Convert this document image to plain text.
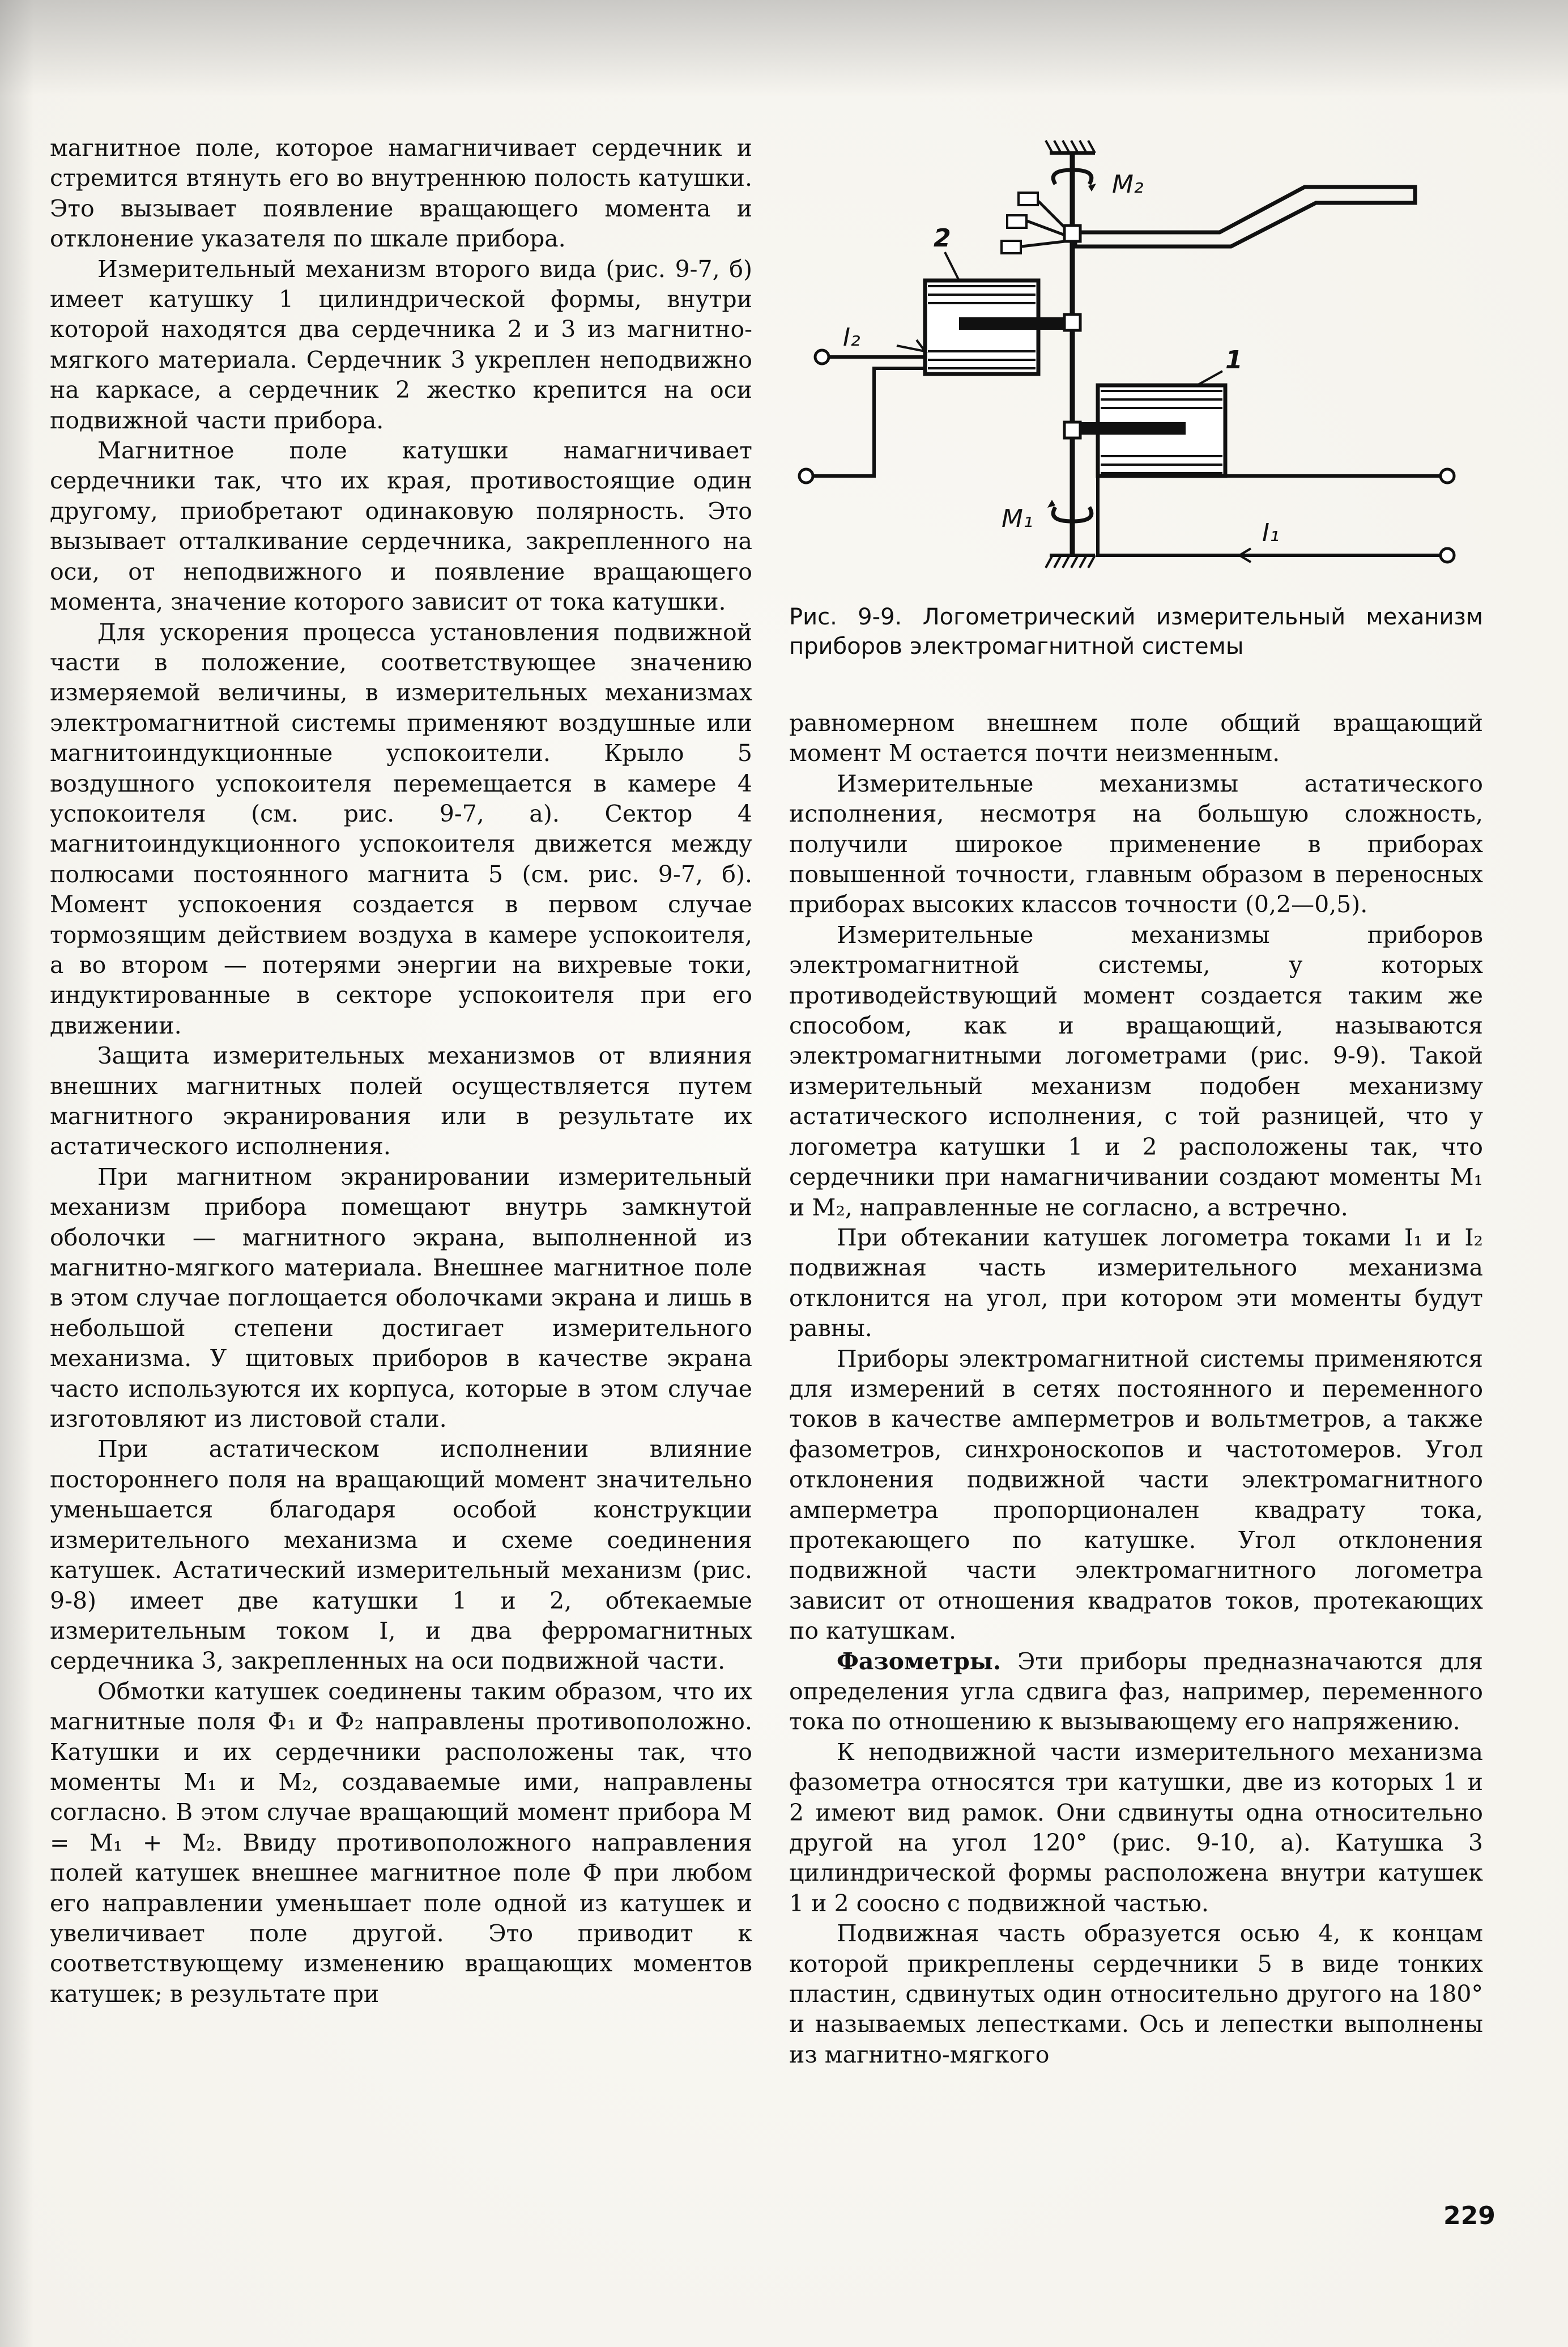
магнитное поле, которое намагничивает сердечник и стремится втянуть его во внутреннюю полость катушки. Это вызывает появление вращающего момента и отклонение указателя по шкале прибора.

Измерительный механизм второго вида (рис. 9-7, б) имеет катушку 1 цилиндрической формы, внутри которой находятся два сердечника 2 и 3 из магнитно-мягкого материала. Сердечник 3 укреплен неподвижно на каркасе, а сердечник 2 жестко крепится на оси подвижной части прибора.

Магнитное поле катушки намагничивает сердечники так, что их края, противостоящие один другому, приобретают одинаковую полярность. Это вызывает отталкивание сердечника, закрепленного на оси, от неподвижного и появление вращающего момента, значение которого зависит от тока катушки.

Для ускорения процесса установления подвижной части в положение, соответствующее значению измеряемой величины, в измерительных механизмах электромагнитной системы применяют воздушные или магнитоиндукционные успокоители. Крыло 5 воздушного успокоителя перемещается в камере 4 успокоителя (см. рис. 9-7, а). Сектор 4 магнитоиндукционного успокоителя движется между полюсами постоянного магнита 5 (см. рис. 9-7, б). Момент успокоения создается в первом случае тормозящим действием воздуха в камере успокоителя, а во втором — потерями энергии на вихревые токи, индуктированные в секторе успокоителя при его движении.

Защита измерительных механизмов от влияния внешних магнитных полей осуществляется путем магнитного экранирования или в результате их астатического исполнения.

При магнитном экранировании измерительный механизм прибора помещают внутрь замкнутой оболочки — магнитного экрана, выполненной из магнитно-мягкого материала. Внешнее магнитное поле в этом случае поглощается оболочками экрана и лишь в небольшой степени достигает измерительного механизма. У щитовых приборов в качестве экрана часто используются их корпуса, которые в этом случае изготовляют из листовой стали.

При астатическом исполнении влияние постороннего поля на вращающий момент значительно уменьшается благодаря особой конструкции измерительного механизма и схеме соединения катушек. Астатический измерительный механизм (рис. 9-8) имеет две катушки 1 и 2, обтекаемые измерительным током I, и два ферромагнитных сердечника 3, закрепленных на оси подвижной части.

Обмотки катушек соединены таким образом, что их магнитные поля Ф₁ и Ф₂ направлены противоположно. Катушки и их сердечники расположены так, что моменты M₁ и M₂, создаваемые ими, направлены согласно. В этом случае вращающий момент прибора M = M₁ + M₂. Ввиду противоположного направления полей катушек внешнее магнитное поле Ф при любом его направлении уменьшает поле одной из катушек и увеличивает поле другой. Это приводит к соответствующему изменению вращающих моментов катушек; в результате при

M₂
2
I₂
1
I₁
M₁
Рис. 9-9. Логометрический измерительный механизм приборов электромагнитной системы

равномерном внешнем поле общий вращающий момент M остается почти неизменным.

Измерительные механизмы астатического исполнения, несмотря на большую сложность, получили широкое применение в приборах повышенной точности, главным образом в переносных приборах высоких классов точности (0,2—0,5).

Измерительные механизмы приборов электромагнитной системы, у которых противодействующий момент создается таким же способом, как и вращающий, называются электромагнитными логометрами (рис. 9-9). Такой измерительный механизм подобен механизму астатического исполнения, с той разницей, что у логометра катушки 1 и 2 расположены так, что сердечники при намагничивании создают моменты M₁ и M₂, направленные не согласно, а встречно.

При обтекании катушек логометра токами I₁ и I₂ подвижная часть измерительного механизма отклонится на угол, при котором эти моменты будут равны.

Приборы электромагнитной системы применяются для измерений в сетях постоянного и переменного токов в качестве амперметров и вольтметров, а также фазометров, синхроноскопов и частотомеров. Угол отклонения подвижной части электромагнитного амперметра пропорционален квадрату тока, протекающего по катушке. Угол отклонения подвижной части электромагнитного логометра зависит от отношения квадратов токов, протекающих по катушкам.

Фазометры. Эти приборы предназначаются для определения угла сдвига фаз, например, переменного тока по отношению к вызывающему его напряжению.

К неподвижной части измерительного механизма фазометра относятся три катушки, две из которых 1 и 2 имеют вид рамок. Они сдвинуты одна относительно другой на угол 120° (рис. 9-10, а). Катушка 3 цилиндрической формы расположена внутри катушек 1 и 2 соосно с подвижной частью.

Подвижная часть образуется осью 4, к концам которой прикреплены сердечники 5 в виде тонких пластин, сдвинутых один относительно другого на 180° и называемых лепестками. Ось и лепестки выполнены из магнитно-мягкого

229
